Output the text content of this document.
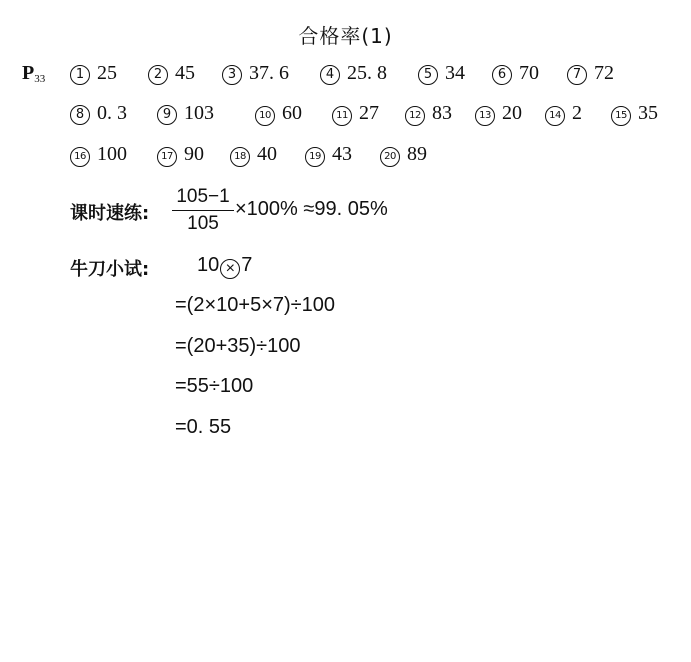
合格率(1)
$P_{33}$	1 25	2 45	3 37. 6	4 25. 8	5 34	6 70	7 72
8 0. 3	9 103	10 60	11 27	12 83	13 20	14 2	15 35
16 100	17 90	18 40	19 43	20 89
课时速练: $\frac{105-1}{105} \times 100\% \approx 99$. 05%
牛刀小试: 10 × 7
=(2×10+5×7)÷100
=(20+35)÷100
=55÷100
=0. 55
